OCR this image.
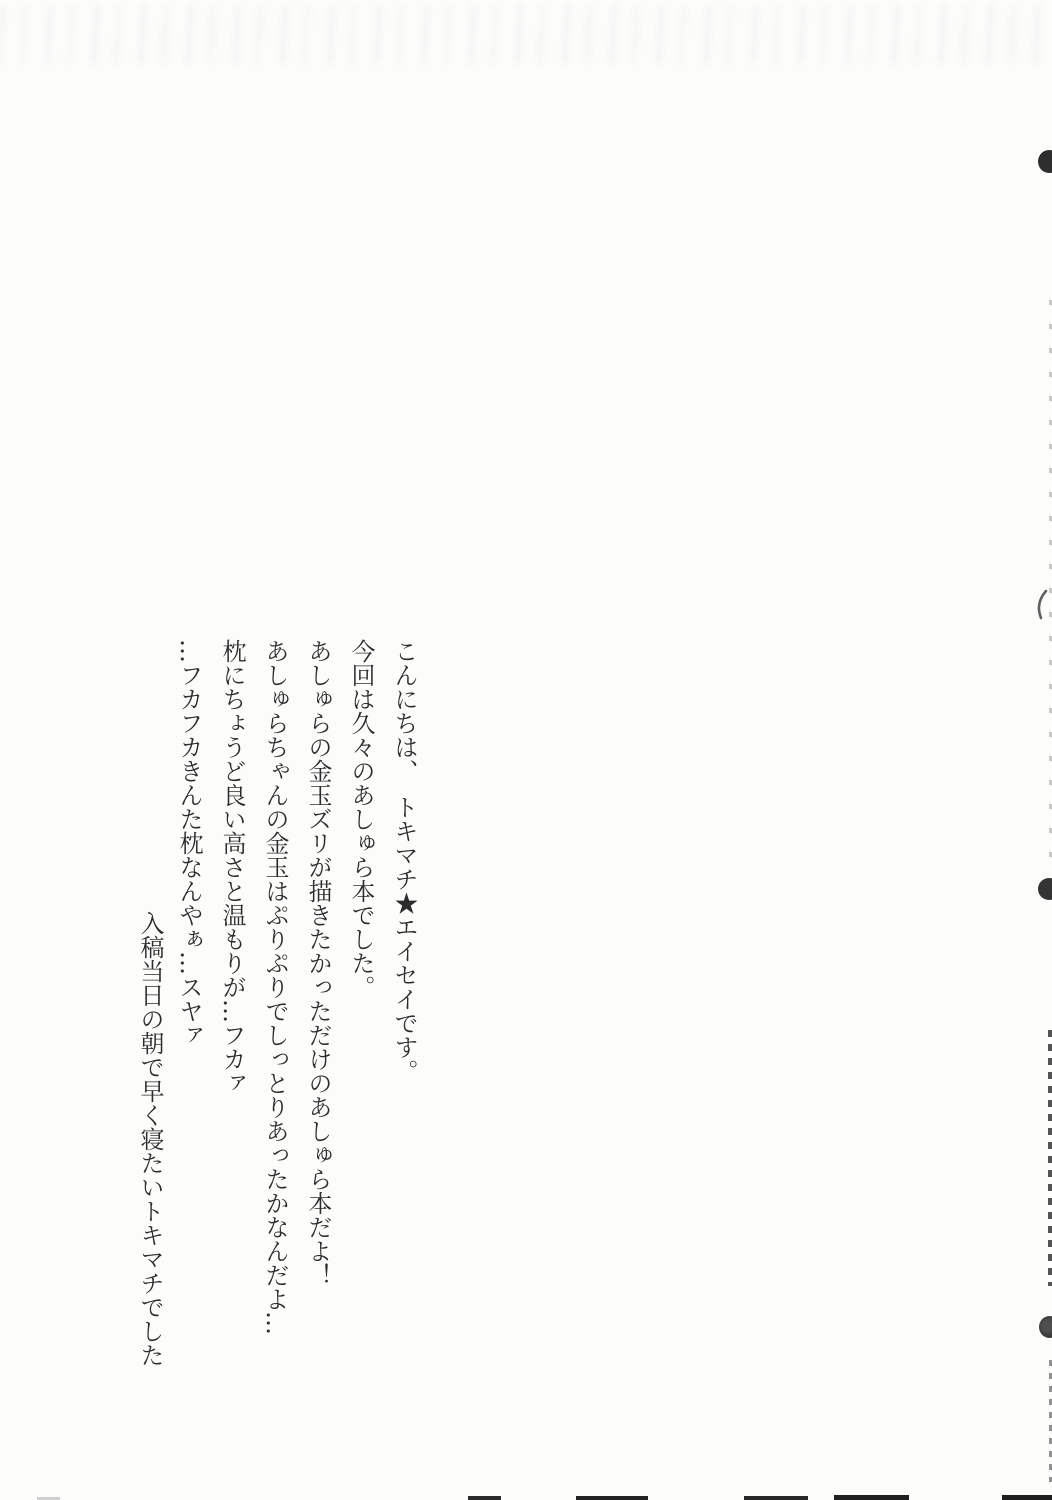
こんにちは、　トキマチ★エイセイです。

今回は久々のあしゅら本でした。

あしゅらの金玉ズリが描きたかっただけのあしゅら本だよ！

あしゅらちゃんの金玉はぷりぷりでしっとりあったかなんだよ…

枕にちょうど良い高さと温もりが…フカァ

…フカフカきんた枕なんやぁ…スヤァ

入稿当日の朝で早く寝たいトキマチでした
